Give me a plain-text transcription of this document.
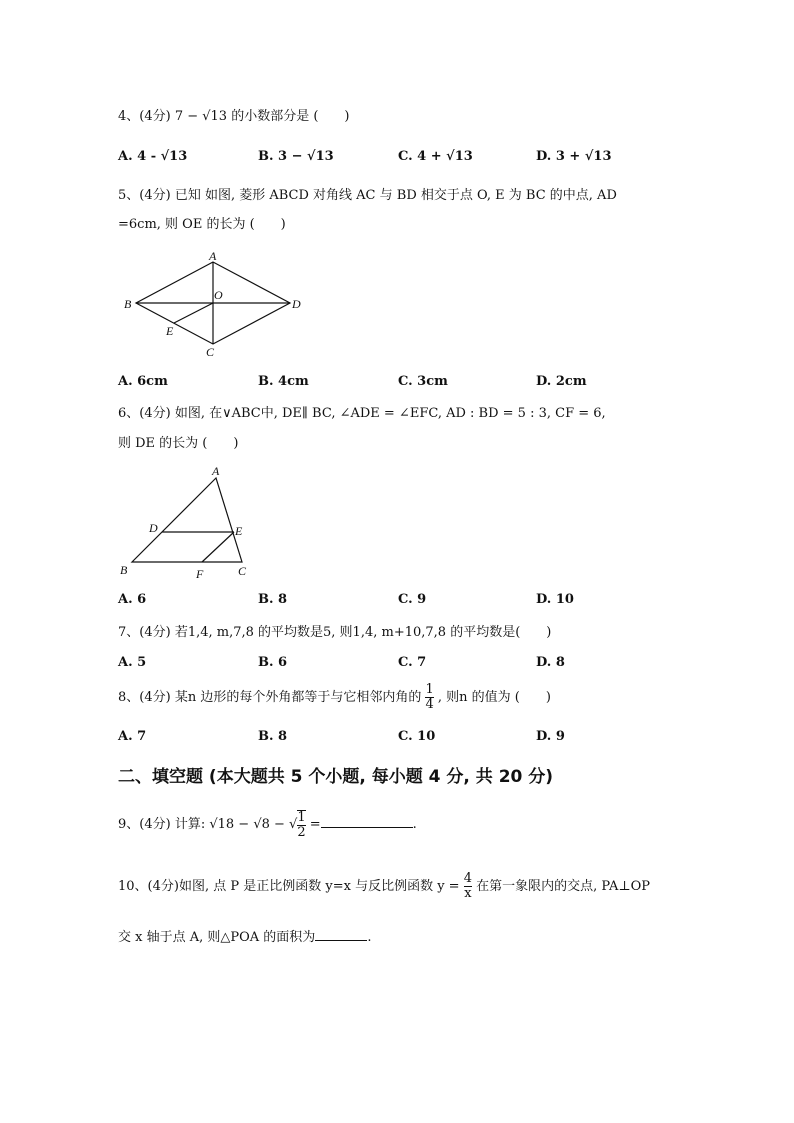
4、(4分) 7 − √13 的小数部分是 (　　)
A. 4 - √13	B. 3 − √13	C. 4 + √13	D. 3 + √13
5、(4分) 已知 如图, 菱形 ABCD 对角线 AC 与 BD 相交于点 O, E 为 BC 的中点, AD
=6cm, 则 OE 的长为 (　　)
A
B
O
D
E
C
A. 6cm	B. 4cm	C. 3cm	D. 2cm
6、(4分) 如图, 在∨ABC中, DE∥ BC, ∠ADE = ∠EFC, AD : BD = 5 : 3, CF = 6,
则 DE 的长为 (　　)
A
D	E
B	F	C
A. 6	B. 8	C. 9	D. 10
7、(4分) 若1,4, m,7,8 的平均数是5, 则1,4, m+10,7,8 的平均数是(　　)
A. 5	B. 6	C. 7	D. 8
8、(4分) 某n 边形的每个外角都等于与它相邻内角的 $\frac{1}{4}$ , 则n 的值为 (　　)
A. 7	B. 8	C. 10	D. 9
二、填空题 (本大题共 5 个小题, 每小题 4 分, 共 20 分)
9、(4分) 计算: √18 − √8 − √ $\frac{1}{2}$ =	.
10、(4分)如图, 点 P 是正比例函数 y=x 与反比例函数 $y = \frac{4}{x}$ 在第一象限内的交点, PA⊥OP
交 x 轴于点 A, 则△POA 的面积为	.
